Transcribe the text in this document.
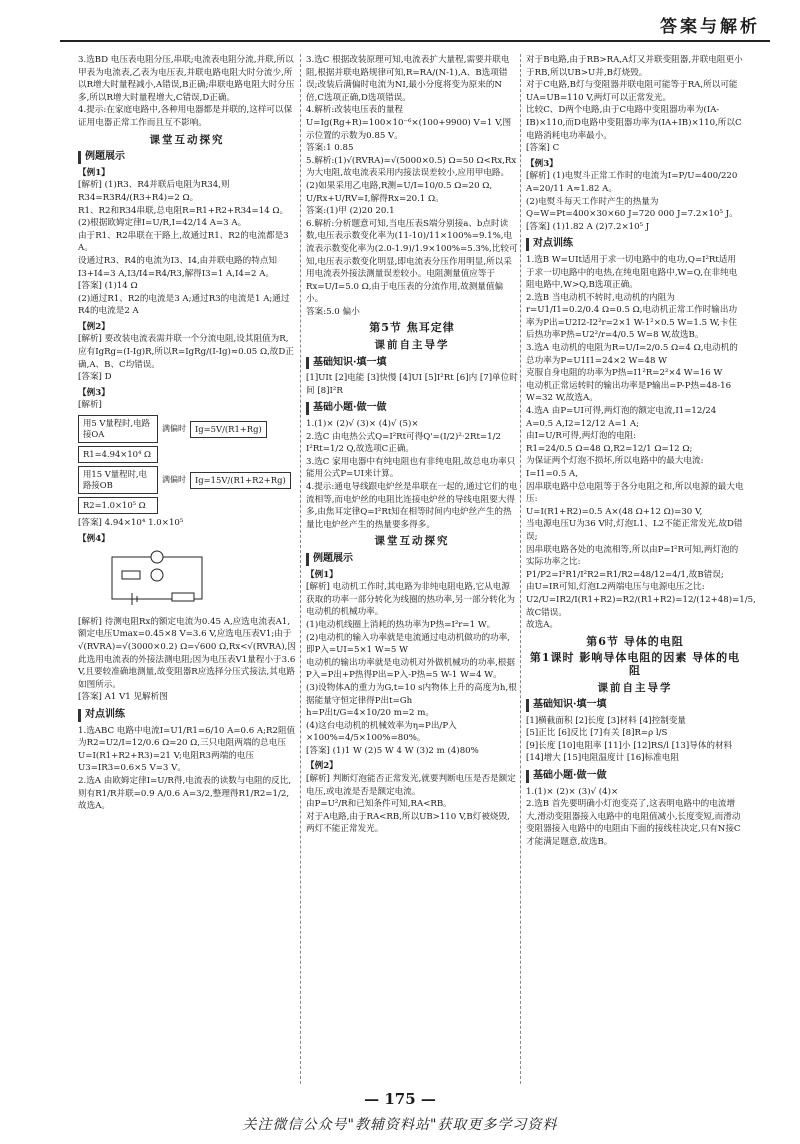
答案与解析

3.选BD 电压表电阻分压,串联;电流表电阻分流,并联,所以甲表为电流表,乙表为电压表,并联电路电阻大时分流少,所以R增大时量程减小,A错误,B正确;串联电路电阻大时分压多,所以R增大时量程增大,C错误,D正确。

4.提示:在家庭电路中,各种用电器都是并联的,这样可以保证用电器正常工作而且互不影响。

课堂互动探究
例题展示
【例1】

[解析] (1)R3、R4并联后电阻为R34,则

R34=R3R4/(R3+R4)=2 Ω。

R1、R2和R34串联,总电阻R=R1+R2+R34=14 Ω。

(2)根据欧姆定律I=U/R,I=42/14 A=3 A。

由于R1、R2串联在干路上,故通过R1、R2的电流都是3 A。

设通过R3、R4的电流为I3、I4,由并联电路的特点知I3+I4=3 A,I3/I4=R4/R3,解得I3=1 A,I4=2 A。

[答案] (1)14 Ω

(2)通过R1、R2的电流是3 A;通过R3的电流是1 A;通过R4的电流是2 A

【例2】

[解析] 要改装电流表需并联一个分流电阻,设其阻值为R,应有IgRg=(I-Ig)R,所以R=IgRg/(I-Ig)≈0.05 Ω,故D正确,A、B、C均错误。

[答案] D

【例3】

[解析]

用5 V量程时,电路接OA
满偏时	Ig=5V/(R1+Rg)
R1=4.94×10⁴ Ω
用15 V量程时,电路接OB
满偏时	Ig=15V/(R1+R2+Rg)
R2=1.0×10⁵ Ω

[答案] 4.94×10⁴ 1.0×10⁵

【例4】

[解析] 待测电阻Rx的额定电流为0.45 A,应选电流表A1,额定电压Umax=0.45×8 V=3.6 V,应选电压表V1;由于√(RVRA)=√(3000×0.2) Ω=√600 Ω,Rx<√(RVRA),因此选用电流表的外接法测电阻;因为电压表V1量程小于3.6 V,且要较准确地测量,故变阻器R应选择分压式接法,其电路如图所示。

[答案] A1 V1 见解析图

对点训练

1.选ABC 电路中电流I=U1/R1=6/10 A=0.6 A;R2阻值为R2=U2/I=12/0.6 Ω=20 Ω,三只电阻两端的总电压U=I(R1+R2+R3)=21 V;电阻R3两端的电压U3=IR3=0.6×5 V=3 V。

2.选A 由欧姆定律I=U/R得,电流表的读数与电阻的反比,则有R1/R并联=0.9 A/0.6 A=3/2,整理得R1/R2=1/2,故选A。

3.选C 根据改装原理可知,电流表扩大量程,需要并联电阻,根据并联电路规律可知,R=RA/(N-1),A、B选项错误;改装后满偏时电流为NI,最小分度将变为原来的N倍,C选项正确,D选项错误。

4.解析:改装电压表的量程U=Ig(Rg+R)=100×10⁻⁶×(100+9900) V=1 V,图示位置的示数为0.85 V。

答案:1 0.85

5.解析:(1)√(RVRA)=√(5000×0.5) Ω=50 Ω<Rx,Rx为大电阻,故电流表采用内接法误差较小,应用甲电路。

(2)如果采用乙电路,R测=U/I=10/0.5 Ω=20 Ω,

U/Rx+U/RV=I,解得Rx=20.1 Ω。

答案:(1)甲 (2)20 20.1

6.解析:分析题意可知,当电压表S端分别接a、b点时读数,电压表示数变化率为(11-10)/11×100%=9.1%,电流表示数变化率为(2.0-1.9)/1.9×100%=5.3%,比较可知,电压表示数变化明显,即电流表分压作用明显,所以采用电流表外接法测量误差较小。电阻测量值应等于Rx=U/I=5.0 Ω,由于电压表的分流作用,故测量值偏小。

答案:5.0 偏小

第5节 焦耳定律
课前自主导学
基础知识·填一填

[1]UIt [2]电能 [3]快慢 [4]UI [5]I²Rt [6]内 [7]单位时间 [8]I²R

基础小题·做一做

1.(1)× (2)√ (3)× (4)√ (5)×

2.选C 由电热公式Q=I²Rt可得Q'=(I/2)²·2Rt=1/2 I²Rt=1/2 Q,故选项C正确。

3.选C 家用电器中有纯电阻也有非纯电阻,故总电功率只能用公式P=UI来计算。

4.提示:通电导线跟电炉丝是串联在一起的,通过它们的电流相等,而电炉丝的电阻比连接电炉丝的导线电阻要大得多,由焦耳定律Q=I²Rt知在相等时间内电炉丝产生的热量比电炉丝产生的热量要多得多。

课堂互动探究
例题展示
【例1】

[解析] 电动机工作时,其电路为非纯电阻电路,它从电源获取的功率一部分转化为线圈的热功率,另一部分转化为电动机的机械功率。

(1)电动机线圈上消耗的热功率为P热=I²r=1 W。

(2)电动机的输入功率就是电流通过电动机做功的功率,即P入=UI=5×1 W=5 W

电动机的输出功率就是电动机对外做机械功的功率,根据P入=P出+P热得P出=P入-P热=5 W-1 W=4 W。

(3)设物体A的重力为G,t=10 s内物体上升的高度为h,根据能量守恒定律得P出t=Gh

h=P出t/G=4×10/20 m=2 m。

(4)这台电动机的机械效率为η=P出/P入×100%=4/5×100%=80%。

[答案] (1)1 W (2)5 W 4 W (3)2 m (4)80%

【例2】

[解析] 判断灯泡能否正常发光,就要判断电压是否是额定电压,或电流是否是额定电流。

由P=U²/R和已知条件可知,RA<RB。

对于A电路,由于RA<RB,所以UB>110 V,B灯被烧毁,两灯不能正常发光。

对于B电路,由于RB>RA,A灯又并联变阻器,并联电阻更小于RB,所以UB>U并,B灯烧毁。

对于C电路,B灯与变阻器并联电阻可能等于RA,所以可能UA=UB=110 V,两灯可以正常发光。

比较C、D两个电路,由于C电路中变阻器功率为(IA-IB)×110,而D电路中变阻器功率为(IA+IB)×110,所以C电路消耗电功率最小。

[答案] C

【例3】

[解析] (1)电熨斗正常工作时的电流为I=P/U=400/220 A=20/11 A≈1.82 A。

(2)电熨斗每天工作时产生的热量为Q=W=Pt=400×30×60 J=720 000 J=7.2×10⁵ J。

[答案] (1)1.82 A (2)7.2×10⁵ J

对点训练

1.选B W=UIt适用于求一切电路中的电功,Q=I²Rt适用于求一切电路中的电热,在纯电阻电路中,W=Q,在非纯电阻电路中,W>Q,B选项正确。

2.选B 当电动机不转时,电动机的内阻为r=U1/I1=0.2/0.4 Ω=0.5 Ω,电动机正常工作时输出功率为P出=U2I2-I2²r=2×1 W-1²×0.5 W=1.5 W,卡住后热功率P热=U2²/r=4/0.5 W=8 W,故选B。

3.选A 电动机的电阻为R=U/I=2/0.5 Ω=4 Ω,电动机的总功率为P=U1I1=24×2 W=48 W

克服自身电阻的功率为P热=I1²R=2²×4 W=16 W

电动机正常运转时的输出功率是P输出=P-P热=48-16 W=32 W,故选A。

4.选A 由P=UI可得,两灯泡的额定电流,I1=12/24 A=0.5 A,I2=12/12 A=1 A;

由I=U/R可得,两灯泡的电阻:

R1=24/0.5 Ω=48 Ω,R2=12/1 Ω=12 Ω;

为保证两个灯泡不损坏,所以电路中的最大电流:

I=I1=0.5 A,

因串联电路中总电阻等于各分电阻之和,所以电源的最大电压:

U=I(R1+R2)=0.5 A×(48 Ω+12 Ω)=30 V,

当电源电压U为36 V时,灯泡L1、L2不能正常发光,故D错误;

因串联电路各处的电流相等,所以由P=I²R可知,两灯泡的实际功率之比:

P1/P2=I²R1/I²R2=R1/R2=48/12=4/1,故B错误;

由U=IR可知,灯泡L2两端电压与电源电压之比:

U2/U=IR2/I(R1+R2)=R2/(R1+R2)=12/(12+48)=1/5,故C错误。

故选A。

第6节 导体的电阻
第1课时 影响导体电阻的因素 导体的电阻
课前自主导学
基础知识·填一填

[1]横截面积 [2]长度 [3]材料 [4]控制变量

[5]正比 [6]反比 [7]有关 [8]R=ρ l/S

[9]长度 [10]电阻率 [11]小 [12]RS/l [13]导体的材料 [14]增大 [15]电阻温度计 [16]标准电阻

基础小题·做一做

1.(1)× (2)× (3)√ (4)×

2.选B 首先要明确小灯泡变亮了,这表明电路中的电流增大,滑动变阻器接入电路中的电阻值减小,长度变短,而滑动变阻器接入电路中的电阻由下面的接线柱决定,只有N接C才能满足题意,故选B。

— 175 —
关注微信公众号"教辅资料站"获取更多学习资料
